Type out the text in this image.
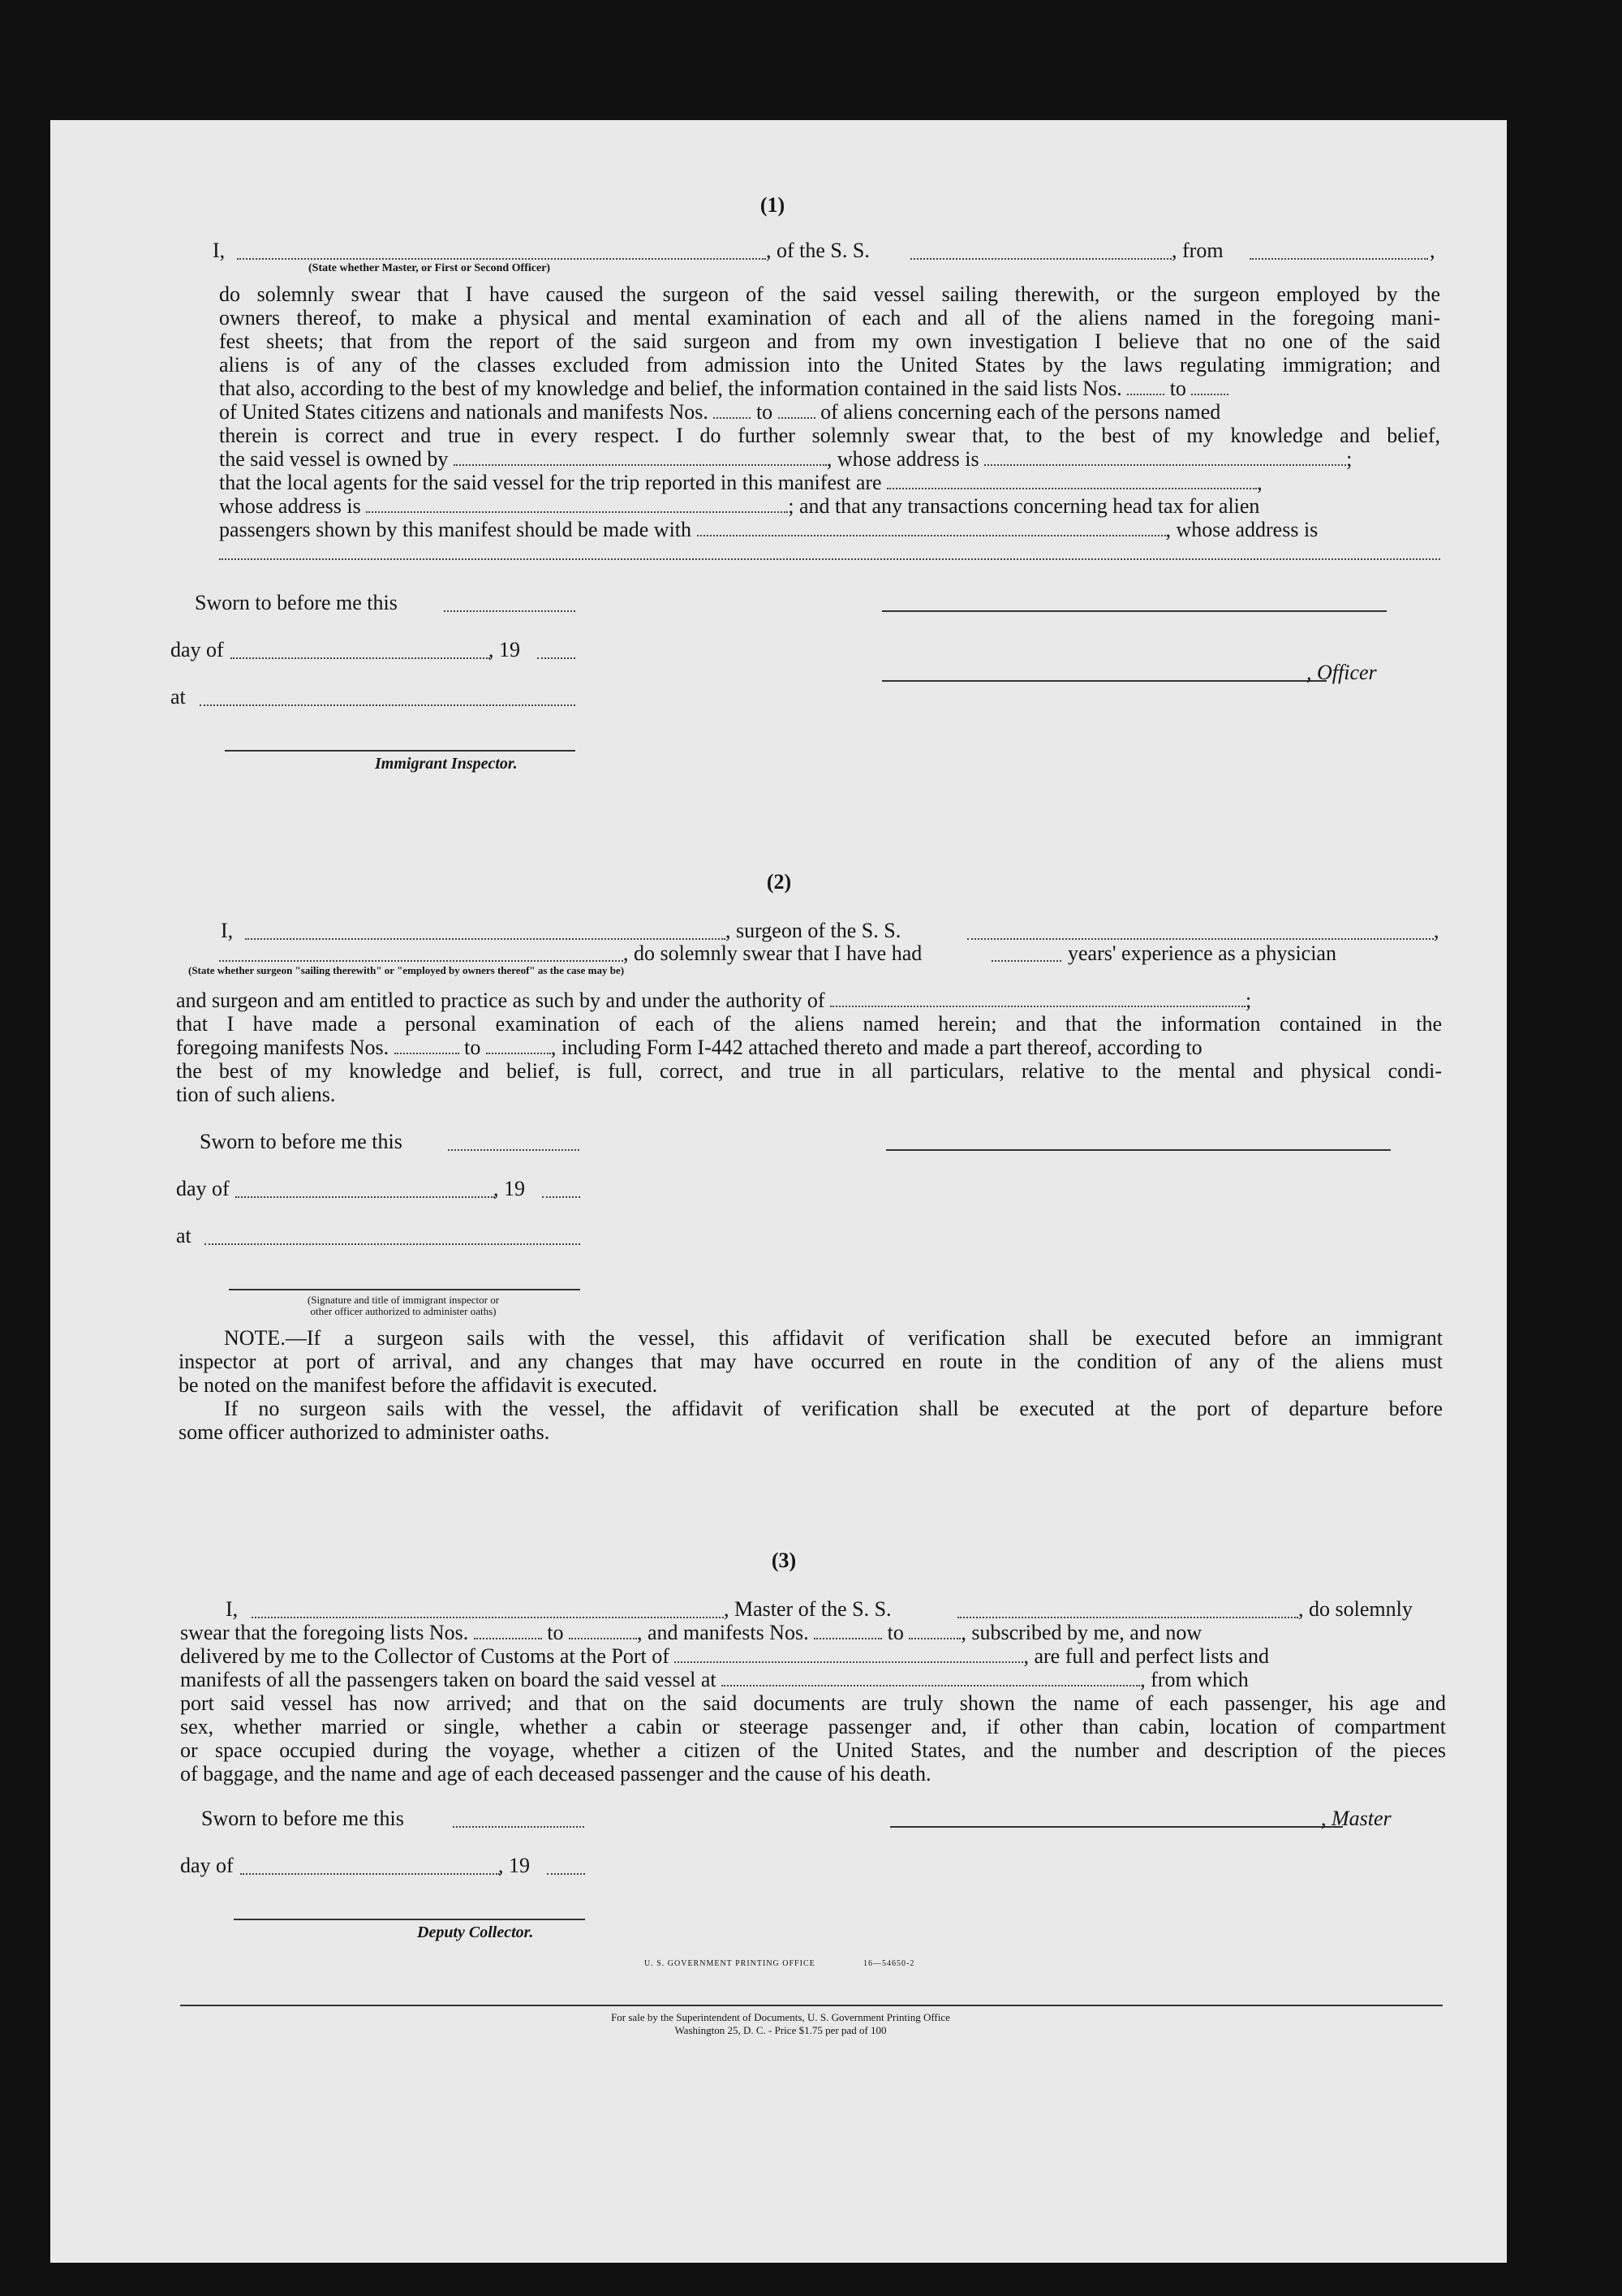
(1)
I,	, of the S. S.	, from	,
(State whether Master, or First or Second Officer)
do solemnly swear that I have caused the surgeon of the said vessel sailing therewith, or the surgeon employed by the
owners thereof, to make a physical and mental examination of each and all of the aliens named in the foregoing mani-
fest sheets; that from the report of the said surgeon and from my own investigation I believe that no one of the said
aliens is of any of the classes excluded from admission into the United States by the laws regulating immigration; and
that also, according to the best of my knowledge and belief, the information contained in the said lists Nos. to
of United States citizens and nationals and manifests Nos. to of aliens concerning each of the persons named
therein is correct and true in every respect. I do further solemnly swear that, to the best of my knowledge and belief,
the said vessel is owned by	, whose address is	;
that the local agents for the said vessel for the trip reported in this manifest are	,
whose address is	; and that any transactions concerning head tax for alien
passengers shown by this manifest should be made with	, whose address is
Sworn to before me this
day of	, 19
, Officer
at
Immigrant Inspector.
(2)
I,	, surgeon of the S. S.	,
, do solemnly swear that I have had	years' experience as a physician
(State whether surgeon "sailing therewith" or "employed by owners thereof" as the case may be)
and surgeon and am entitled to practice as such by and under the authority of	;
that I have made a personal examination of each of the aliens named herein; and that the information contained in the
foregoing manifests Nos.	to	, including Form I-442 attached thereto and made a part thereof, according to
the best of my knowledge and belief, is full, correct, and true in all particulars, relative to the mental and physical condi-
tion of such aliens.
Sworn to before me this
day of	, 19
at
(Signature and title of immigrant inspector or
other officer authorized to administer oaths)
NOTE.—If a surgeon sails with the vessel, this affidavit of verification shall be executed before an immigrant
inspector at port of arrival, and any changes that may have occurred en route in the condition of any of the aliens must
be noted on the manifest before the affidavit is executed.
If no surgeon sails with the vessel, the affidavit of verification shall be executed at the port of departure before
some officer authorized to administer oaths.
(3)
I,	, Master of the S. S.	, do solemnly
swear that the foregoing lists Nos.	to	, and manifests Nos.	to	, subscribed by me, and now
delivered by me to the Collector of Customs at the Port of	, are full and perfect lists and
manifests of all the passengers taken on board the said vessel at	, from which
port said vessel has now arrived; and that on the said documents are truly shown the name of each passenger, his age and
sex, whether married or single, whether a cabin or steerage passenger and, if other than cabin, location of compartment
or space occupied during the voyage, whether a citizen of the United States, and the number and description of the pieces
of baggage, and the name and age of each deceased passenger and the cause of his death.
Sworn to before me this	, Master
day of	, 19
Deputy Collector.
U. S. GOVERNMENT PRINTING OFFICE	16—54650-2
For sale by the Superintendent of Documents, U. S. Government Printing Office
Washington 25, D. C. - Price $1.75 per pad of 100
